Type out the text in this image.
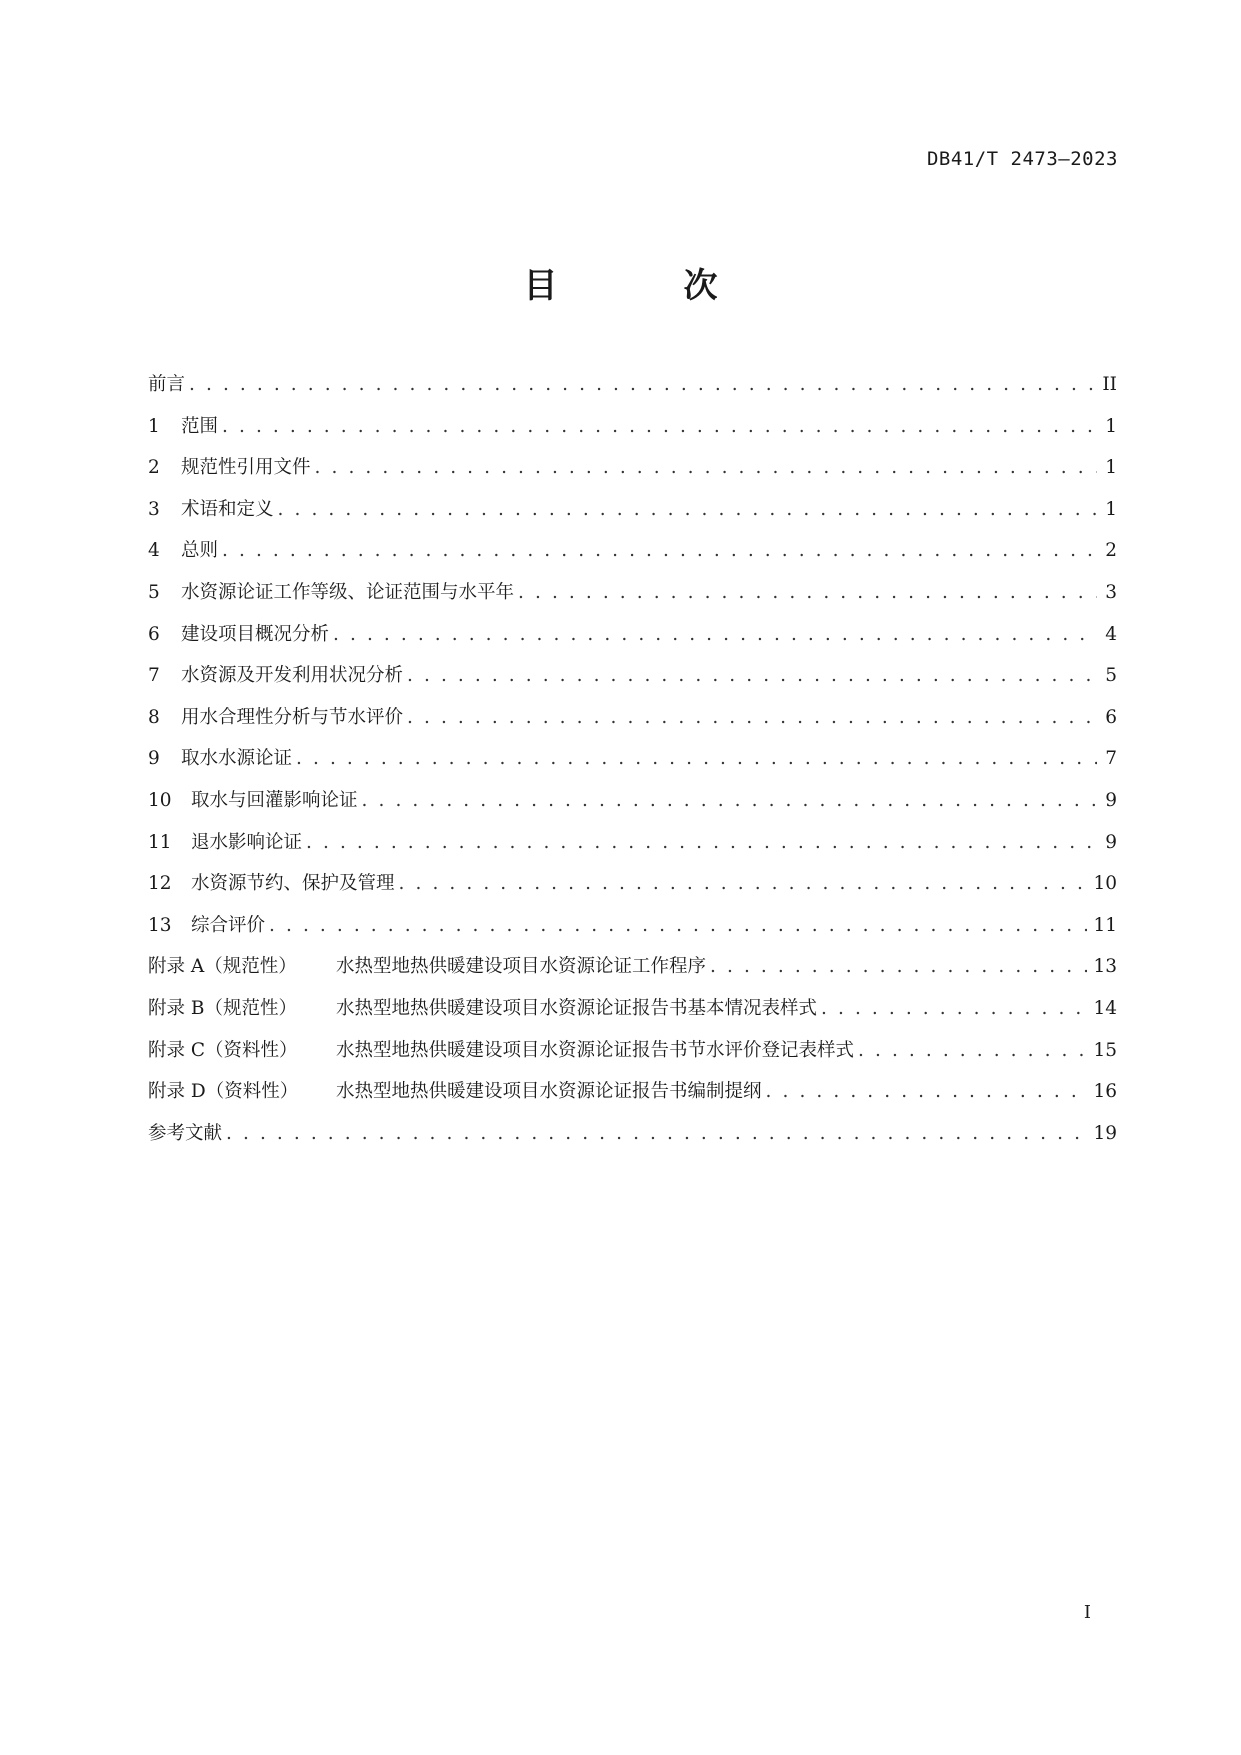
DB41/T 2473—2023
目　次
前言 . . .	II
1	范围 . . .	1
2	规范性引用文件 . . .	1
3	术语和定义 . . .	1
4	总则 . . .	2
5	水资源论证工作等级、论证范围与水平年 . . .	3
6	建设项目概况分析 . . .	4
7	水资源及开发利用状况分析 . . .	5
8	用水合理性分析与节水评价 . . .	6
9	取水水源论证 . . .	7
10	取水与回灌影响论证 . . .	9
11	退水影响论证 . . .	9
12	水资源节约、保护及管理 . . .	10
13	综合评价 . . .	11
附录 A（规范性）	水热型地热供暖建设项目水资源论证工作程序 . . .	13
附录 B（规范性）	水热型地热供暖建设项目水资源论证报告书基本情况表样式 . . .	14
附录 C（资料性）	水热型地热供暖建设项目水资源论证报告书节水评价登记表样式 . . .	15
附录 D（资料性）	水热型地热供暖建设项目水资源论证报告书编制提纲 . . .	16
参考文献 . . .	19
I
